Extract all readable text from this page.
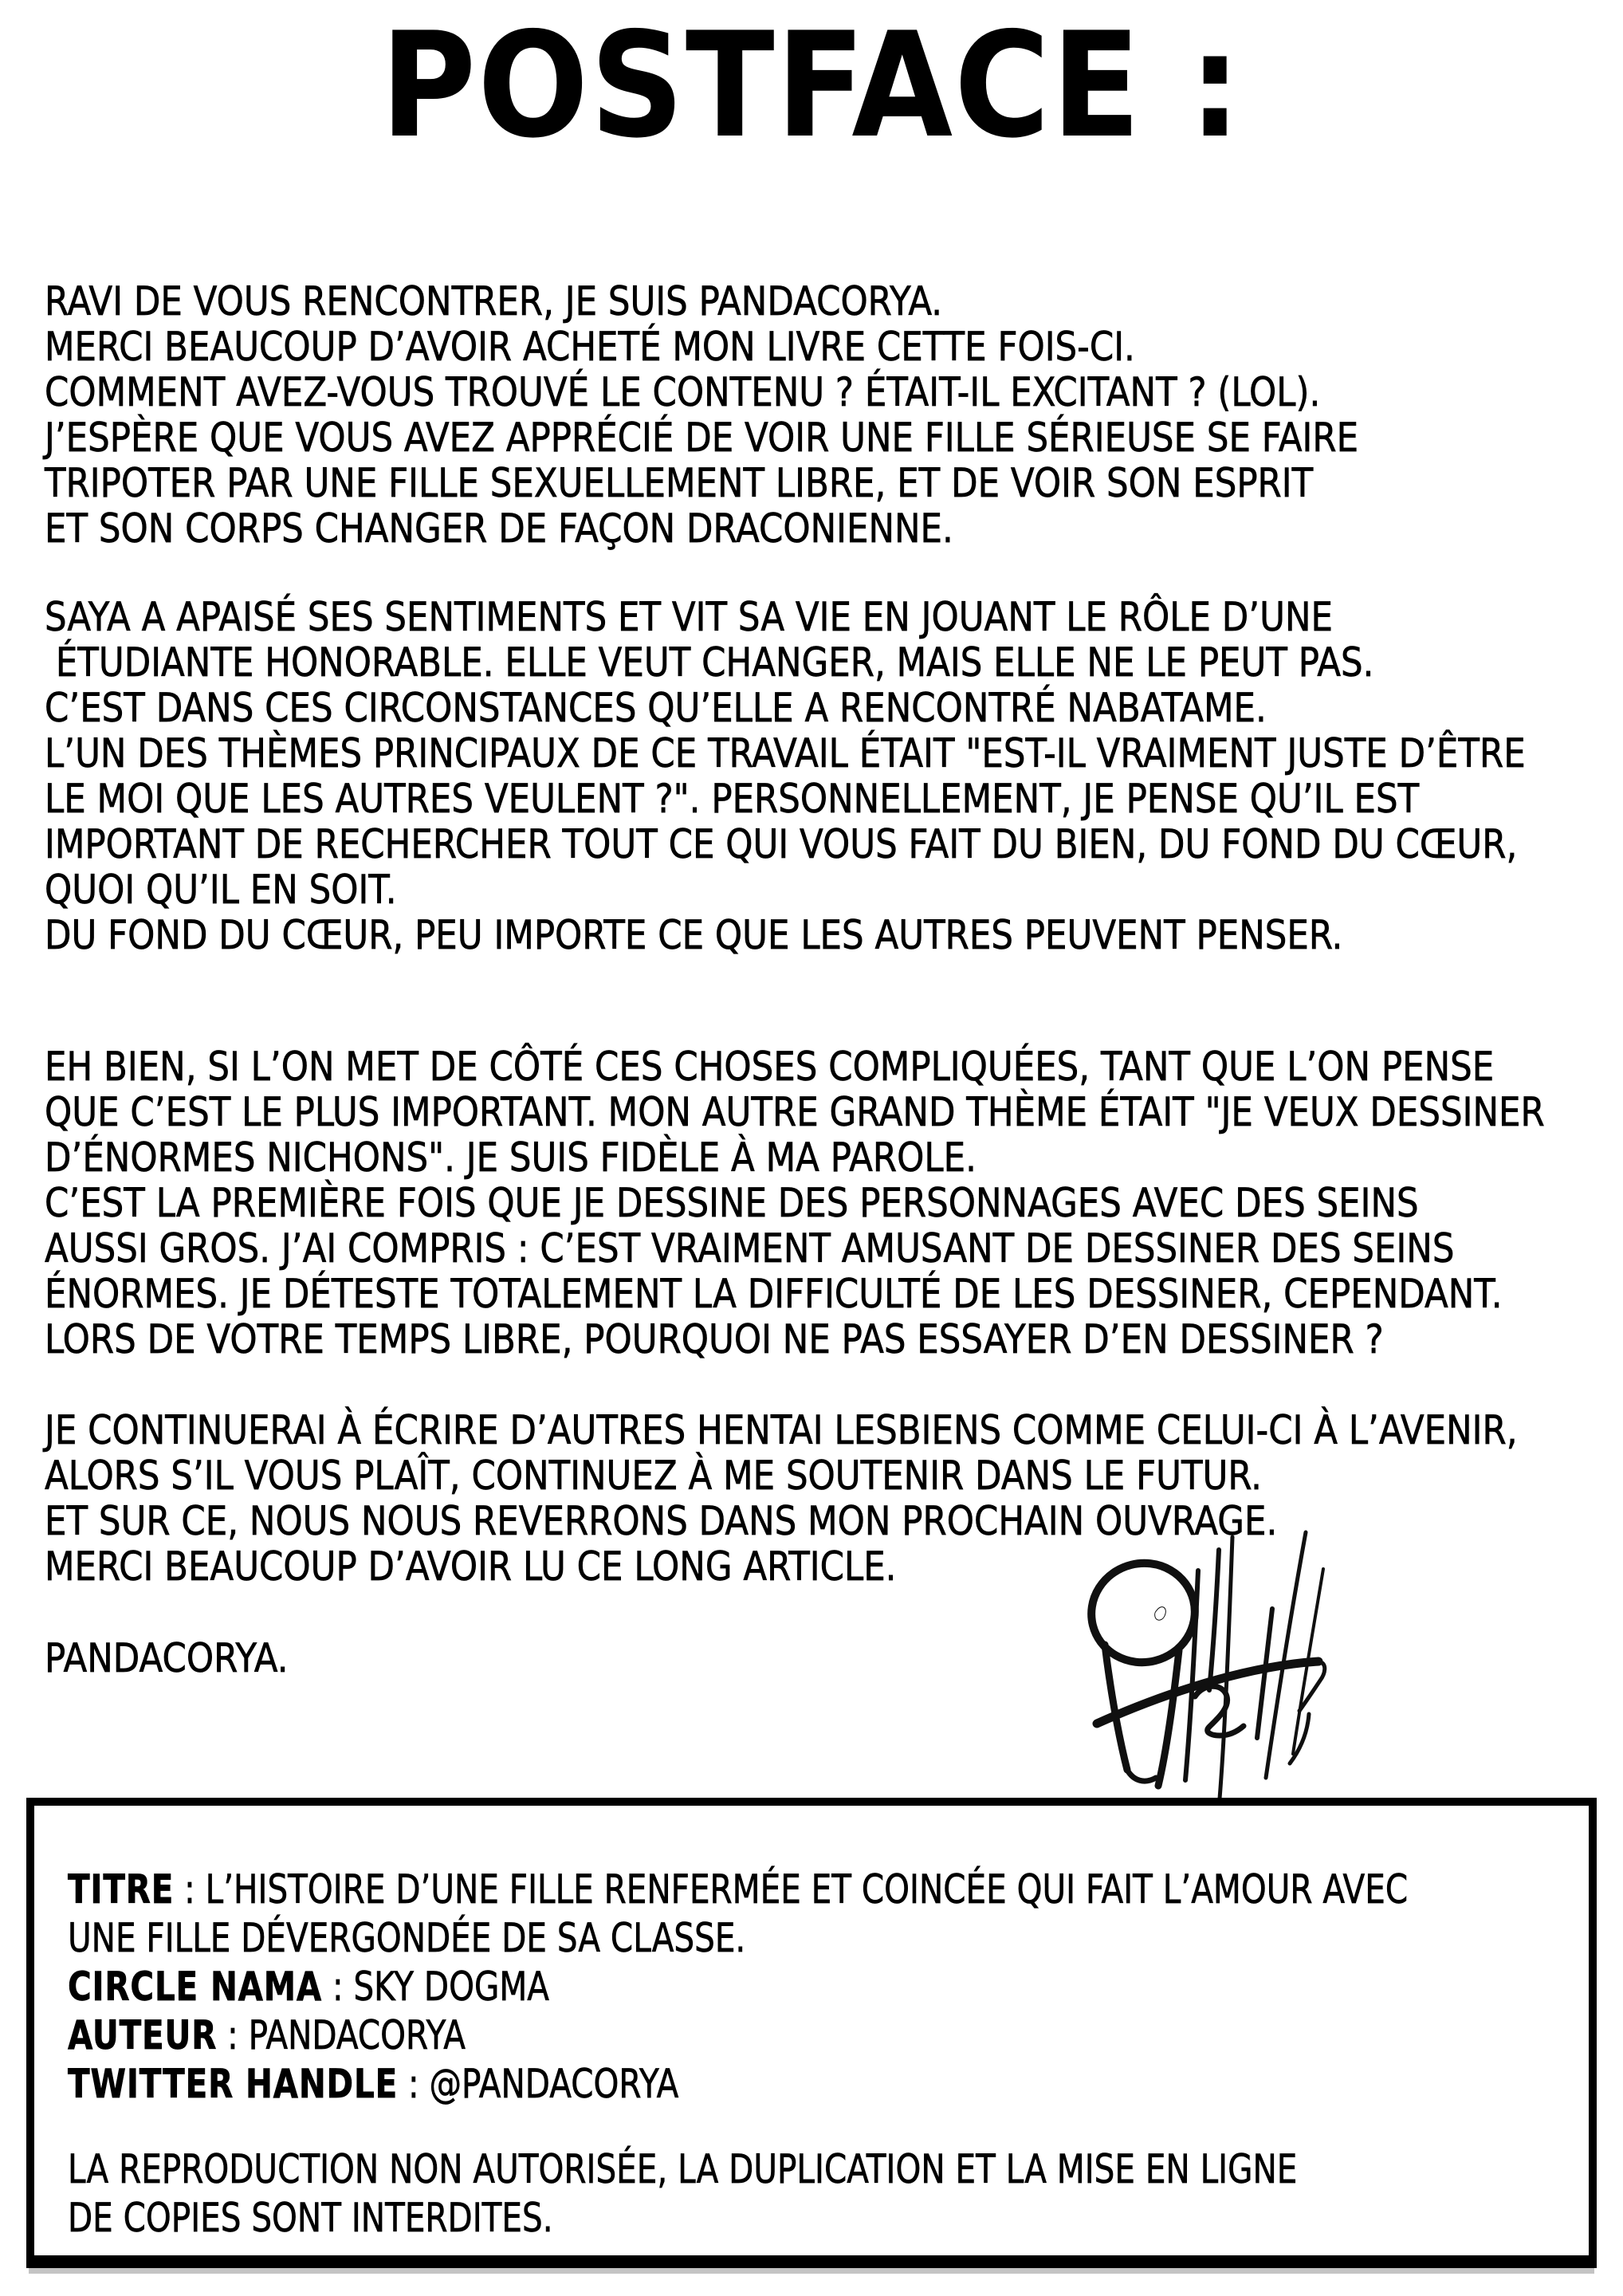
POSTFACE :
RAVI DE VOUS RENCONTRER, JE SUIS PANDACORYA.
MERCI BEAUCOUP D’AVOIR ACHETÉ MON LIVRE CETTE FOIS-CI.
COMMENT AVEZ-VOUS TROUVÉ LE CONTENU ? ÉTAIT-IL EXCITANT ? (LOL).
J’ESPÈRE QUE VOUS AVEZ APPRÉCIÉ DE VOIR UNE FILLE SÉRIEUSE SE FAIRE
TRIPOTER PAR UNE FILLE SEXUELLEMENT LIBRE, ET DE VOIR SON ESPRIT
ET SON CORPS CHANGER DE FAÇON DRACONIENNE.
SAYA A APAISÉ SES SENTIMENTS ET VIT SA VIE EN JOUANT LE RÔLE D’UNE
ÉTUDIANTE HONORABLE. ELLE VEUT CHANGER, MAIS ELLE NE LE PEUT PAS.
C’EST DANS CES CIRCONSTANCES QU’ELLE A RENCONTRÉ NABATAME.
L’UN DES THÈMES PRINCIPAUX DE CE TRAVAIL ÉTAIT "EST-IL VRAIMENT JUSTE D’ÊTRE
LE MOI QUE LES AUTRES VEULENT ?". PERSONNELLEMENT, JE PENSE QU’IL EST
IMPORTANT DE RECHERCHER TOUT CE QUI VOUS FAIT DU BIEN, DU FOND DU CŒUR,
QUOI QU’IL EN SOIT.
DU FOND DU CŒUR, PEU IMPORTE CE QUE LES AUTRES PEUVENT PENSER.
EH BIEN, SI L’ON MET DE CÔTÉ CES CHOSES COMPLIQUÉES, TANT QUE L’ON PENSE
QUE C’EST LE PLUS IMPORTANT. MON AUTRE GRAND THÈME ÉTAIT "JE VEUX DESSINER
D’ÉNORMES NICHONS". JE SUIS FIDÈLE À MA PAROLE.
C’EST LA PREMIÈRE FOIS QUE JE DESSINE DES PERSONNAGES AVEC DES SEINS
AUSSI GROS. J’AI COMPRIS : C’EST VRAIMENT AMUSANT DE DESSINER DES SEINS
ÉNORMES. JE DÉTESTE TOTALEMENT LA DIFFICULTÉ DE LES DESSINER, CEPENDANT.
LORS DE VOTRE TEMPS LIBRE, POURQUOI NE PAS ESSAYER D’EN DESSINER ?
JE CONTINUERAI À ÉCRIRE D’AUTRES HENTAI LESBIENS COMME CELUI-CI À L’AVENIR,
ALORS S’IL VOUS PLAÎT, CONTINUEZ À ME SOUTENIR DANS LE FUTUR.
ET SUR CE, NOUS NOUS REVERRONS DANS MON PROCHAIN OUVRAGE.
MERCI BEAUCOUP D’AVOIR LU CE LONG ARTICLE.
PANDACORYA.
TITRE : L’HISTOIRE D’UNE FILLE RENFERMÉE ET COINCÉE QUI FAIT L’AMOUR AVEC
UNE FILLE DÉVERGONDÉE DE SA CLASSE.
CIRCLE NAMA : SKY DOGMA
AUTEUR : PANDACORYA
TWITTER HANDLE : @PANDACORYA
LA REPRODUCTION NON AUTORISÉE, LA DUPLICATION ET LA MISE EN LIGNE
DE COPIES SONT INTERDITES.
